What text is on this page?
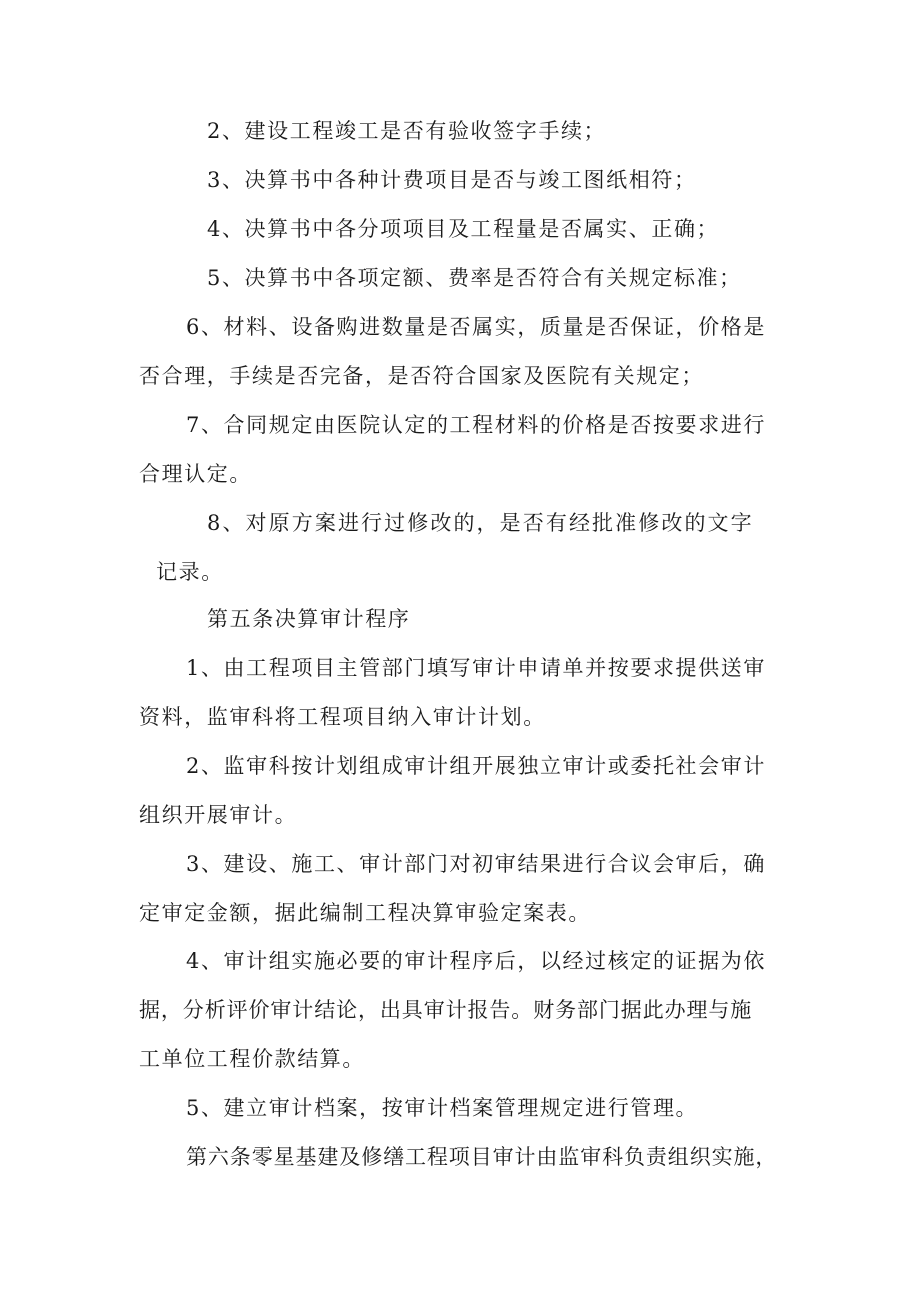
2、建设工程竣工是否有验收签字手续；
3、决算书中各种计费项目是否与竣工图纸相符；
4、决算书中各分项项目及工程量是否属实、正确；
5、决算书中各项定额、费率是否符合有关规定标准；
6、材料、设备购进数量是否属实，质量是否保证，价格是
否合理，手续是否完备，是否符合国家及医院有关规定；
7、合同规定由医院认定的工程材料的价格是否按要求进行
合理认定。
8、对原方案进行过修改的，是否有经批准修改的文字
记录。
第五条决算审计程序
1、由工程项目主管部门填写审计申请单并按要求提供送审
资料，监审科将工程项目纳入审计计划。
2、监审科按计划组成审计组开展独立审计或委托社会审计
组织开展审计。
3、建设、施工、审计部门对初审结果进行合议会审后，确
定审定金额，据此编制工程决算审验定案表。
4、审计组实施必要的审计程序后，以经过核定的证据为依
据，分析评价审计结论，出具审计报告。财务部门据此办理与施
工单位工程价款结算。
5、建立审计档案，按审计档案管理规定进行管理。
第六条零星基建及修缮工程项目审计由监审科负责组织实施，
